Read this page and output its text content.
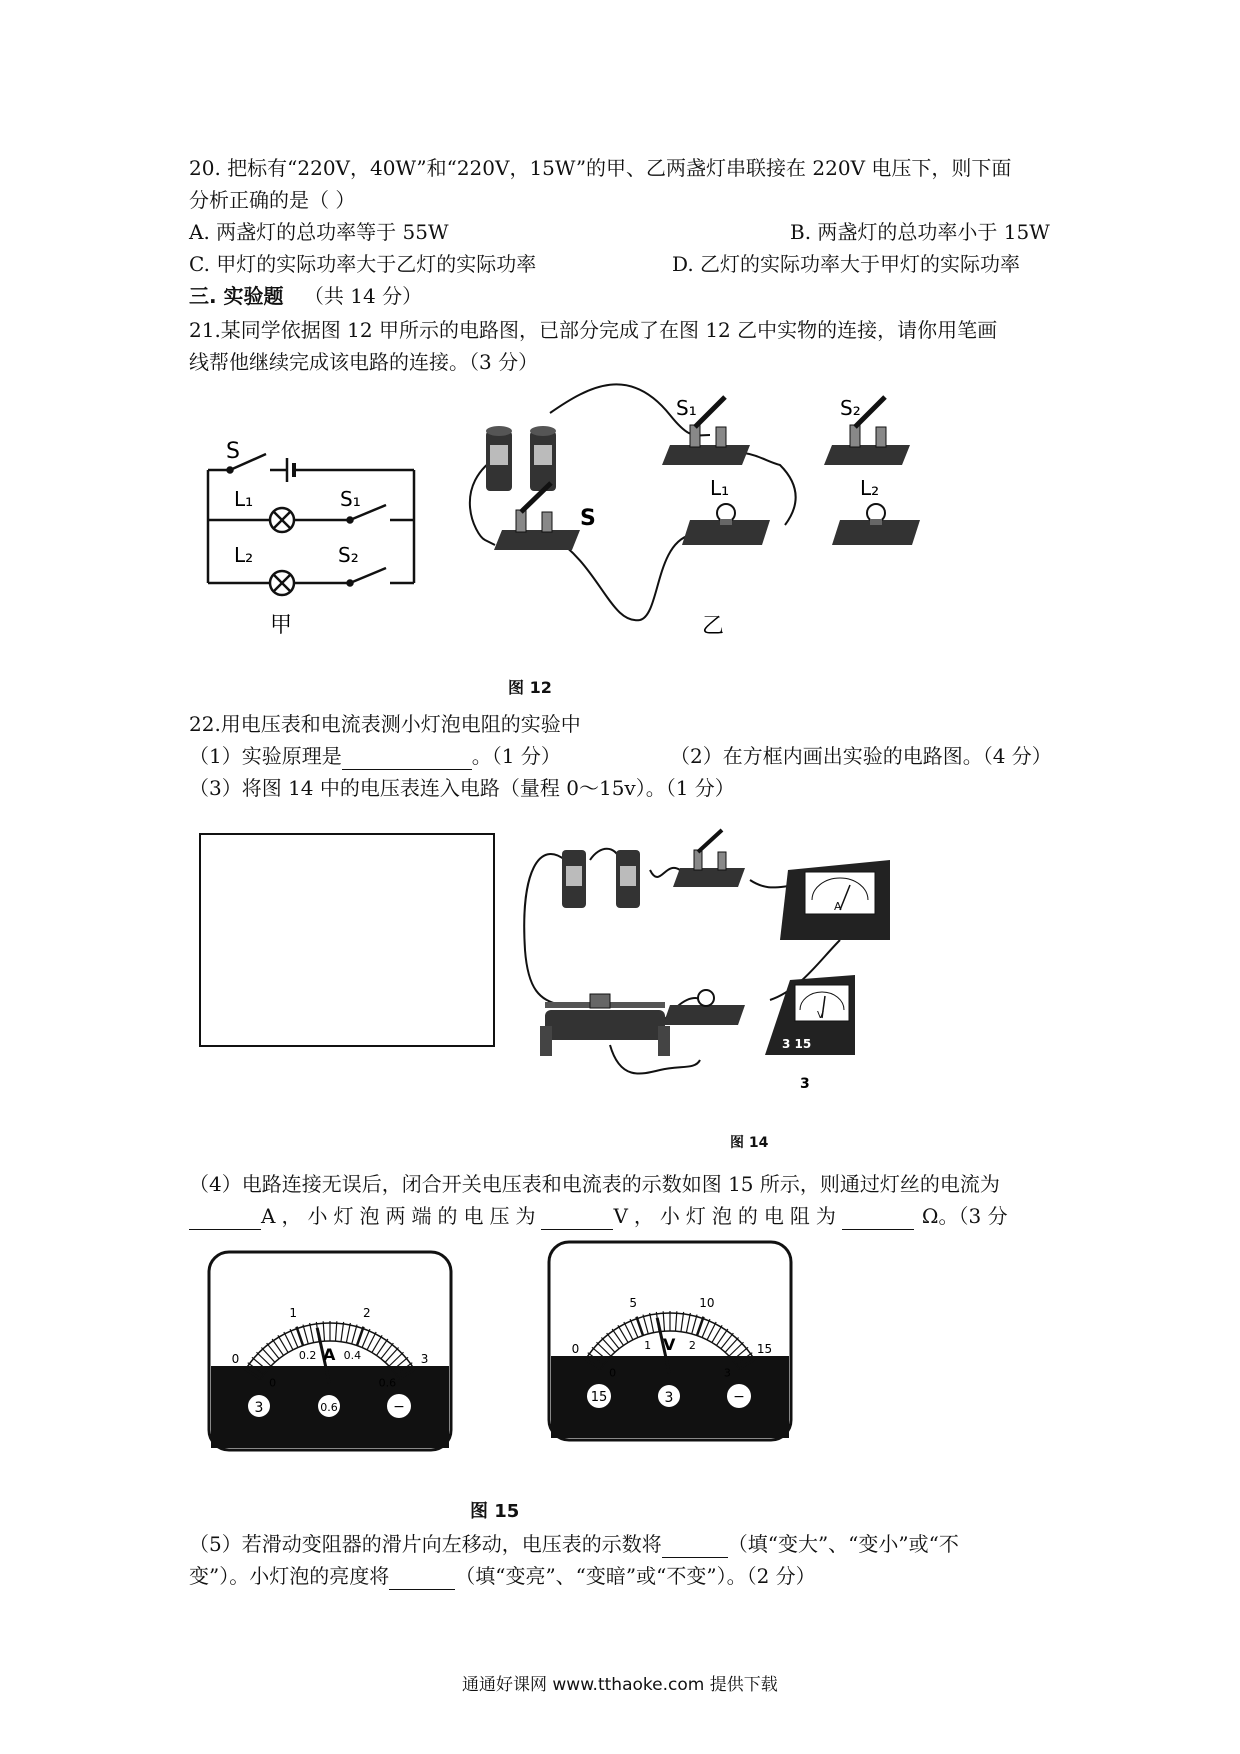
20. 把标有“220V，40W”和“220V，15W”的甲、乙两盏灯串联接在 220V 电压下，则下面
分析正确的是（ ）
A. 两盏灯的总功率等于 55W	B. 两盏灯的总功率小于 15W
C. 甲灯的实际功率大于乙灯的实际功率	D. 乙灯的实际功率大于甲灯的实际功率
三. 实验题 （共 14 分）
21.某同学依据图 12 甲所示的电路图，已部分完成了在图 12 乙中实物的连接，请你用笔画
线帮他继续完成该电路的连接。（3 分）
S
L₁	S₁
L₂	S₂
甲
S₁	S₂
S
L₁	L₂
乙
图 12
22.用电压表和电流表测小灯泡电阻的实验中
（1）实验原理是	。（1 分）	（2）在方框内画出实验的电路图。（4 分）
（3）将图 14 中的电压表连入电路（量程 0～15v）。（1 分）
A
V
3 15
3
图 14
（4）电路连接无误后，闭合开关电压表和电流表的示数如图 15 所示，则通过灯丝的电流为
A，小灯泡两端的电压为	V，小灯泡的电阻为	Ω。（3 分
0
1	2
3
0
0.2 0.4
0.6
A
3	0.6	−
0
5	10
15
0
1	2
3
V
15	3	−
图 15
（5）若滑动变阻器的滑片向左移动，电压表的示数将	（填“变大”、“变小”或“不
变”）。小灯泡的亮度将	（填“变亮”、“变暗”或“不变”）。（2 分）
通通好课网 www.tthaoke.com 提供下载
